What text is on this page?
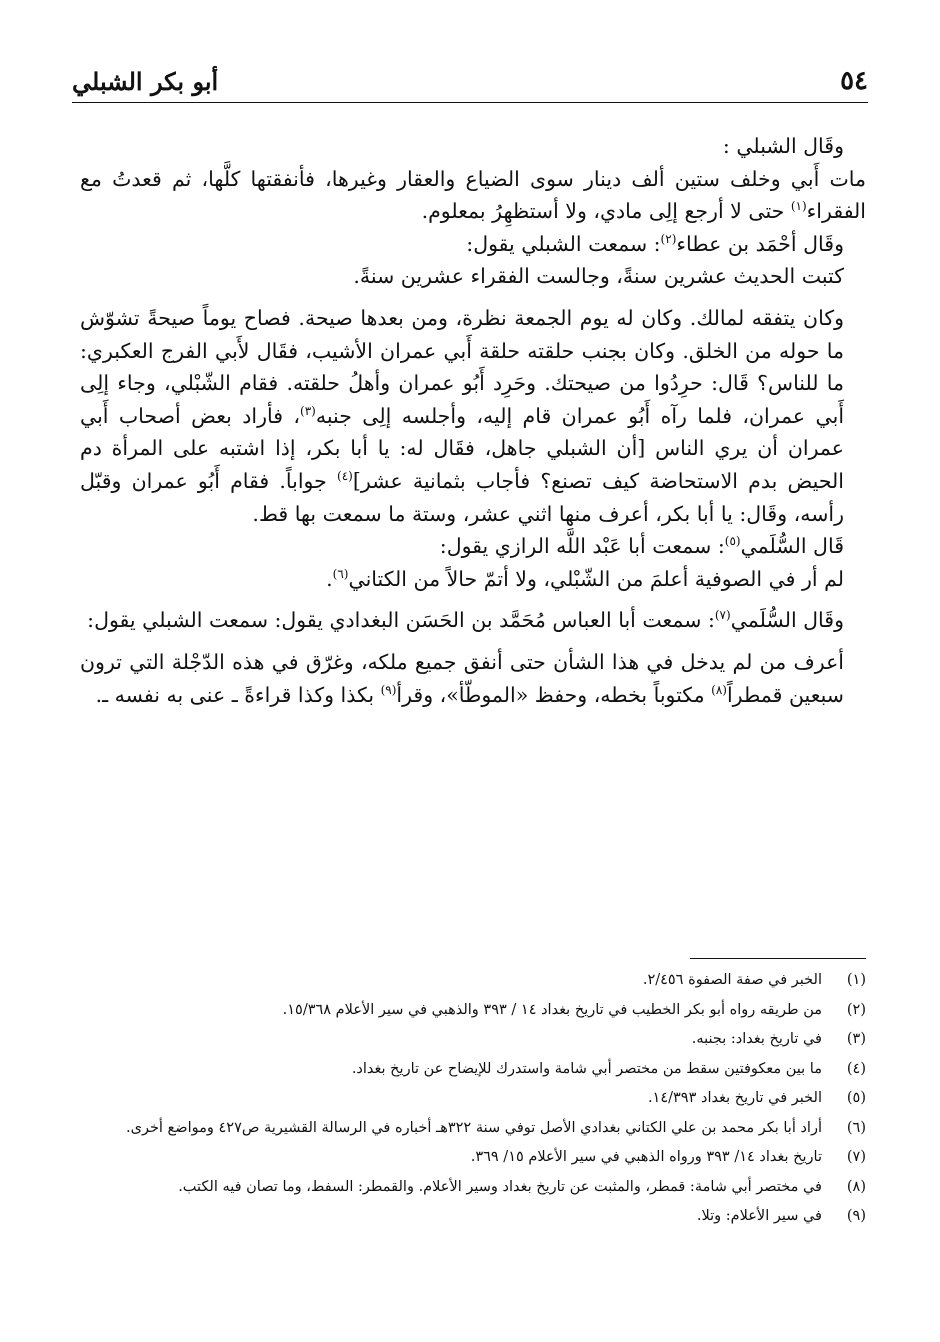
أبو بكر الشبلي	٥٤

وقَال الشبلي :

مات أَبي وخلف ستين ألف دينار سوى الضياع والعقار وغيرها، فأنفقتها كلَّها، ثم قعدتُ مع الفقراء$^{(١)}$ حتى لا أرجع إلِى مادي، ولا أستظهِرُ بمعلوم.

وقَال أحْمَد بن عطاء$^{(٢)}$: سمعت الشبلي يقول:

كتبت الحديث عشرين سنةً، وجالست الفقراء عشرين سنةً.

وكان يتفقه لمالك. وكان له يوم الجمعة نظرة، ومن بعدها صيحة. فصاح يوماً صيحةً تشوّش ما حوله من الخلق. وكان بجنب حلقته حلقة أَبي عمران الأشيب، فقَال لأَبي الفرج العكبري: ما للناس؟ قَال: حرِدُوا من صيحتك. وحَرِد أَبُو عمران وأهلُ حلقته. فقام الشّبْلي، وجاء إلِى أَبي عمران، فلما رآه أَبُو عمران قام إليه، وأجلسه إلِى جنبه$^{(٣)}$، فأراد بعض أصحاب أَبي عمران أن يري الناس [أن الشبلي جاهل، فقَال له: يا أبا بكر، إذا اشتبه على المرأة دم الحيض بدم الاستحاضة كيف تصنع؟ فأجاب بثمانية عشر]$^{(٤)}$ جواباً. فقام أَبُو عمران وقبّل رأسه، وقَال: يا أبا بكر، أعرف منها اثني عشر، وستة ما سمعت بها قط.

قَال السُّلَمي$^{(٥)}$: سمعت أبا عَبْد اللَّه الرازي يقول:

لم أر في الصوفية أعلمَ من الشّبْلي، ولا أتمّ حالاً من الكتاني$^{(٦)}$.

وقَال السُّلَمي$^{(٧)}$: سمعت أبا العباس مُحَمَّد بن الحَسَن البغدادي يقول: سمعت الشبلي يقول:

أعرف من لم يدخل في هذا الشأن حتى أنفق جميع ملكه، وغرّق في هذه الدّجْلة التي ترون سبعين قمطراً$^{(٨)}$ مكتوباً بخطه، وحفظ «الموطّأ»، وقرأ$^{(٩)}$ بكذا وكذا قراءةً ـ عنى به نفسه ـ.

(١)
الخبر في صفة الصفوة ٢/٤٥٦.
(٢)
من طريقه رواه أبو بكر الخطيب في تاريخ بغداد ١٤ / ٣٩٣ والذهبي في سير الأعلام ١٥/٣٦٨.
(٣)
في تاريخ بغداد: بجنبه.
(٤)
ما بين معكوفتين سقط من مختصر أبي شامة واستدرك للإيضاح عن تاريخ بغداد.
(٥)
الخبر في تاريخ بغداد ١٤/٣٩٣.
(٦)
أراد أبا بكر محمد بن علي الكتاني بغدادي الأصل توفي سنة ٣٢٢هـ أخباره في الرسالة القشيرية ص٤٢٧ ومواضع أخرى.
(٧)
تاريخ بغداد ١٤/ ٣٩٣ ورواه الذهبي في سير الأعلام ١٥/ ٣٦٩.
(٨)
في مختصر أبي شامة: قمطر، والمثبت عن تاريخ بغداد وسير الأعلام. والقمطر: السفط، وما تصان فيه الكتب.
(٩)
في سير الأعلام: وتلا.
